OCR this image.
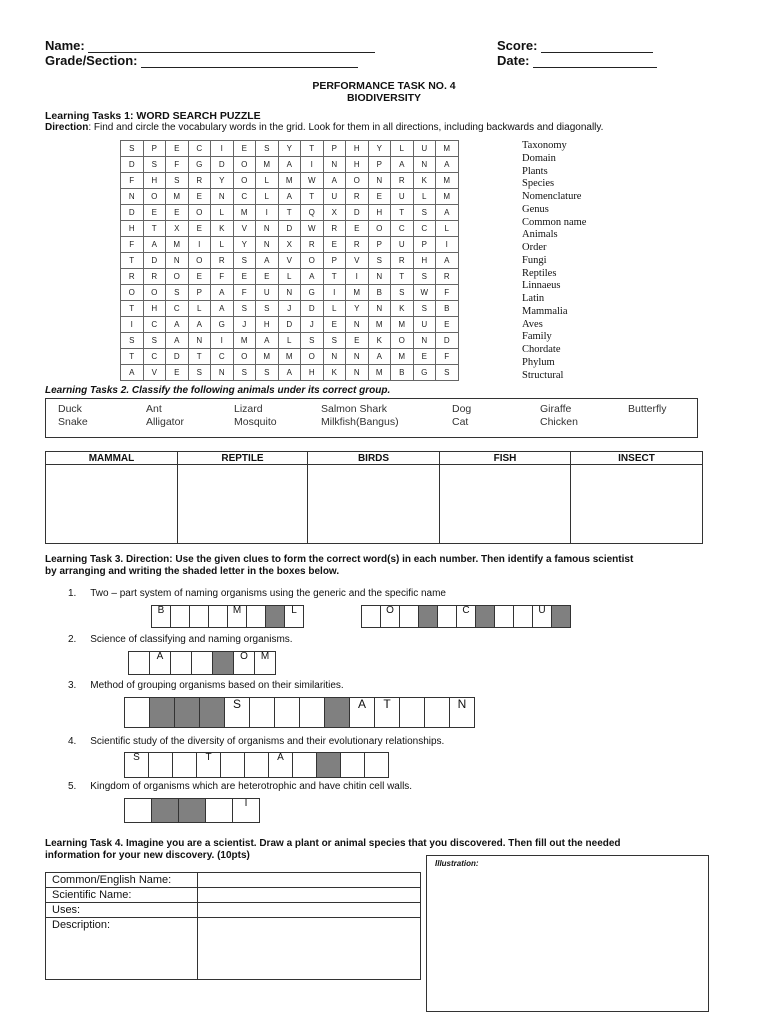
Name:
Grade/Section:
Score:
Date:
PERFORMANCE TASK NO. 4
BIODIVERSITY
Learning Tasks 1: WORD SEARCH PUZZLE
Direction: Find and circle the vocabulary words in the grid. Look for them in all directions, including backwards and diagonally.
S	P	E	C	I	E	S	Y	T	P	H	Y	L	U	M
D	S	F	G	D	O	M	A	I	N	H	P	A	N	A
F	H	S	R	Y	O	L	M	W	A	O	N	R	K	M
N	O	M	E	N	C	L	A	T	U	R	E	U	L	M
D	E	E	O	L	M	I	T	Q	X	D	H	T	S	A
H	T	X	E	K	V	N	D	W	R	E	O	C	C	L
F	A	M	I	L	Y	N	X	R	E	R	P	U	P	I
T	D	N	O	R	S	A	V	O	P	V	S	R	H	A
R	R	O	E	F	E	E	L	A	T	I	N	T	S	R
O	O	S	P	A	F	U	N	G	I	M	B	S	W	F
T	H	C	L	A	S	S	J	D	L	Y	N	K	S	B
I	C	A	A	G	J	H	D	J	E	N	M	M	U	E
S	S	A	N	I	M	A	L	S	S	E	K	O	N	D
T	C	D	T	C	O	M	M	O	N	N	A	M	E	F
A	V	E	S	N	S	S	A	H	K	N	M	B	G	S
Taxonomy
Domain
Plants
Species
Nomenclature
Genus
Common name
Animals
Order
Fungi
Reptiles
Linnaeus
Latin
Mammalia
Aves
Family
Chordate
Phylum
Structural
Learning Tasks 2. Classify the following animals under its correct group.
Duck	Ant	Lizard	Salmon Shark	Dog	Giraffe	Butterfly
Snake	Alligator	Mosquito	Milkfish(Bangus)	Cat	Chicken
MAMMAL	REPTILE	BIRDS	FISH	INSECT

Learning Task 3. Direction: Use the given clues to form the correct word(s) in each number. Then identify a famous scientist
by arranging and writing the shaded letter in the boxes below.
1. Two – part system of naming organisms using the generic and the specific name
B	M	L	O	C	U
2. Science of classifying and naming organisms.
A	O	M
3. Method of grouping organisms based on their similarities.
S	A	T	N
4. Scientific study of the diversity of organisms and their evolutionary relationships.
S	T	A
5. Kingdom of organisms which are heterotrophic and have chitin cell walls.
I
Learning Task 4. Imagine you are a scientist. Draw a plant or animal species that you discovered. Then fill out the needed
information for your new discovery. (10pts)
Illustration:
Common/English Name:	
Scientific Name:	
Uses:	
Description:	
